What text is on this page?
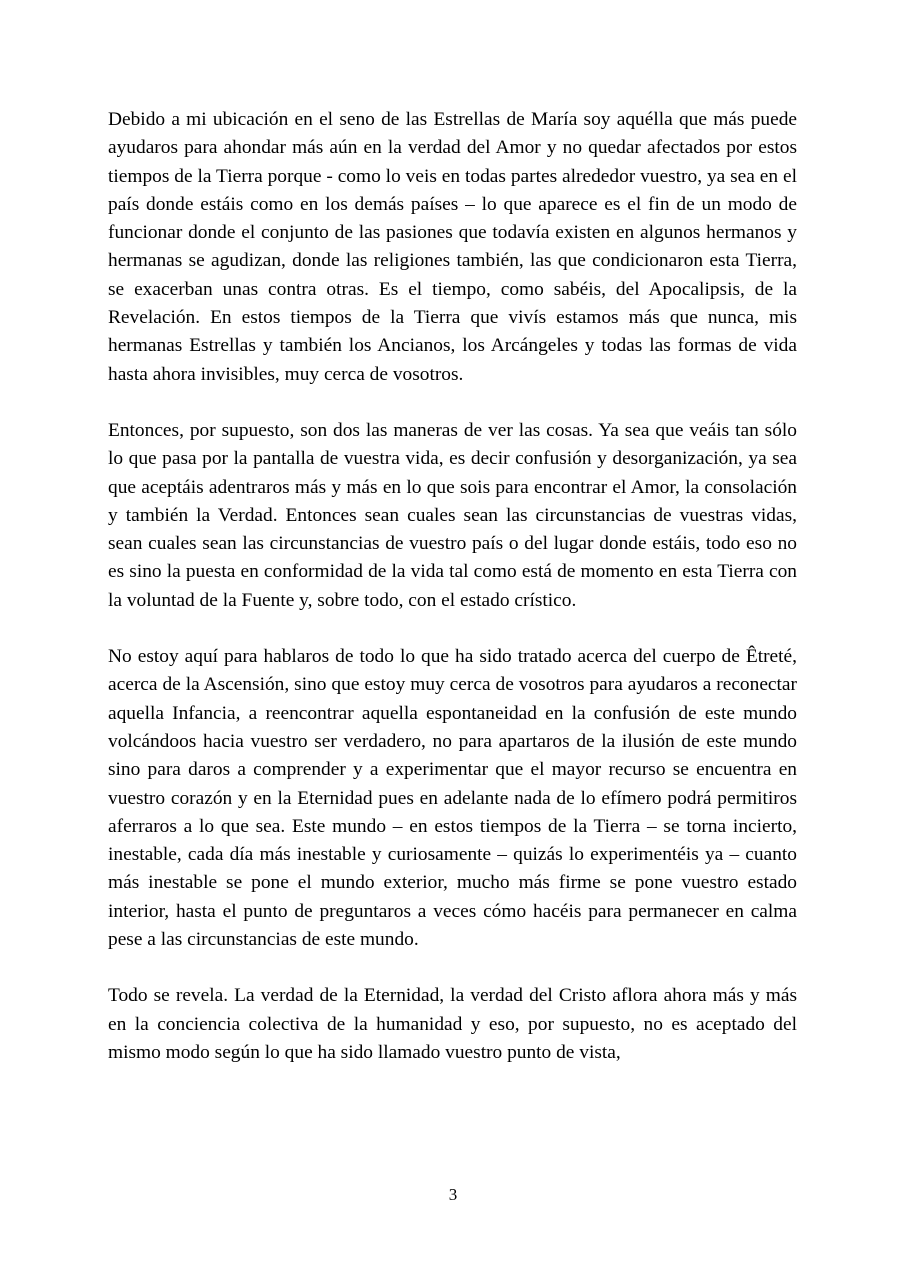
Debido a mi ubicación en el seno de las Estrellas de María soy aquélla que más puede ayudaros para ahondar más aún en la verdad del Amor y no quedar afectados por estos tiempos de la Tierra porque - como lo veis en todas partes alrededor vuestro, ya sea en el país donde estáis como en los demás países – lo que aparece es el fin de un modo de funcionar donde el conjunto de las pasiones que todavía existen en algunos hermanos y hermanas se agudizan, donde las religiones también, las que condicionaron esta Tierra, se exacerban unas contra otras. Es el tiempo, como sabéis, del Apocalipsis, de la Revelación. En estos tiempos de la Tierra que vivís estamos más que nunca, mis hermanas Estrellas y también los Ancianos, los Arcángeles y todas las formas de vida hasta ahora invisibles, muy cerca de vosotros.

Entonces, por supuesto, son dos las maneras de ver las cosas. Ya sea que veáis tan sólo lo que pasa por la pantalla de vuestra vida, es decir confusión y desorganización, ya sea que aceptáis adentraros más y más en lo que sois para encontrar el Amor, la consolación y también la Verdad. Entonces sean cuales sean las circunstancias de vuestras vidas, sean cuales sean las circunstancias de vuestro país o del lugar donde estáis, todo eso no es sino la puesta en conformidad de la vida tal como está de momento en esta Tierra con la voluntad de la Fuente y, sobre todo, con el estado crístico.

No estoy aquí para hablaros de todo lo que ha sido tratado acerca del cuerpo de Êtreté, acerca de la Ascensión, sino que estoy muy cerca de vosotros para ayudaros a reconectar aquella Infancia, a reencontrar aquella espontaneidad en la confusión de este mundo volcándoos hacia vuestro ser verdadero, no para apartaros de la ilusión de este mundo sino para daros a comprender y a experimentar que el mayor recurso se encuentra en vuestro corazón y en la Eternidad pues en adelante nada de lo efímero podrá permitiros aferraros a lo que sea. Este mundo – en estos tiempos de la Tierra – se torna incierto, inestable, cada día más inestable y curiosamente – quizás lo experimentéis ya – cuanto más inestable se pone el mundo exterior, mucho más firme se pone vuestro estado interior, hasta el punto de preguntaros a veces cómo hacéis para permanecer en calma pese a las circunstancias de este mundo.

Todo se revela. La verdad de la Eternidad, la verdad del Cristo aflora ahora más y más en la conciencia colectiva de la humanidad y eso, por supuesto, no es aceptado del mismo modo según lo que ha sido llamado vuestro punto de vista,

3
